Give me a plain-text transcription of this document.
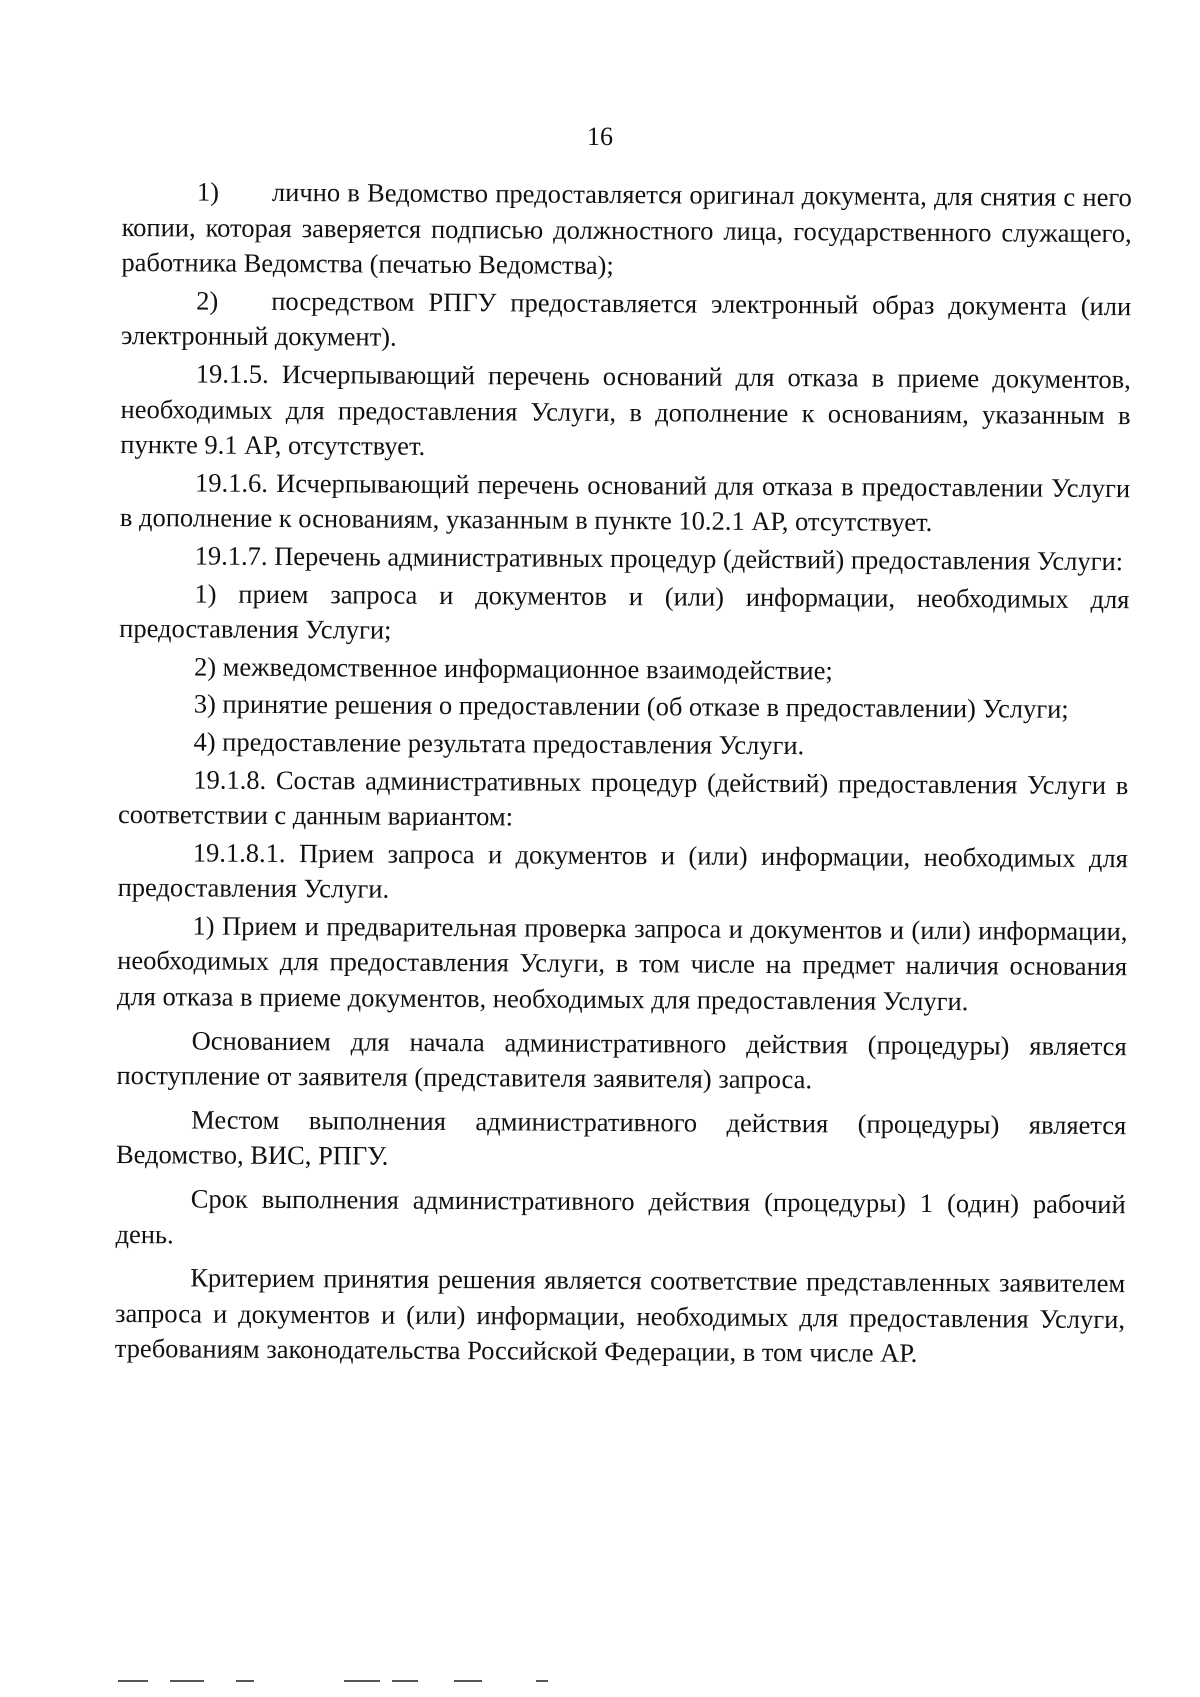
16

1)  лично в Ведомство предоставляется оригинал документа, для снятия с него копии, которая заверяется подписью должностного лица, государственного служащего, работника Ведомства (печатью Ведомства);

2)  посредством РПГУ предоставляется электронный образ документа (или электронный документ).

19.1.5. Исчерпывающий перечень оснований для отказа в приеме документов, необходимых для предоставления Услуги, в дополнение к основаниям, указанным в пункте 9.1 АР, отсутствует.

19.1.6. Исчерпывающий перечень оснований для отказа в предоставлении Услуги в дополнение к основаниям, указанным в пункте 10.2.1 АР, отсутствует.

19.1.7. Перечень административных процедур (действий) предоставления Услуги:

1) прием запроса и документов и (или) информации, необходимых для предоставления Услуги;

2) межведомственное информационное взаимодействие;

3) принятие решения о предоставлении (об отказе в предоставлении) Услуги;

4) предоставление результата предоставления Услуги.

19.1.8. Состав административных процедур (действий) предоставления Услуги в соответствии с данным вариантом:

19.1.8.1. Прием запроса и документов и (или) информации, необходимых для предоставления Услуги.

1) Прием и предварительная проверка запроса и документов и (или) информации, необходимых для предоставления Услуги, в том числе на предмет наличия основания для отказа в приеме документов, необходимых для предоставления Услуги.

Основанием для начала административного действия (процедуры) является поступление от заявителя (представителя заявителя) запроса.

Местом выполнения административного действия (процедуры) является Ведомство, ВИС, РПГУ.

Срок выполнения административного действия (процедуры) 1 (один) рабочий день.

Критерием принятия решения является соответствие представленных заявителем запроса и документов и (или) информации, необходимых для предоставления Услуги, требованиям законодательства Российской Федерации, в том числе АР.
